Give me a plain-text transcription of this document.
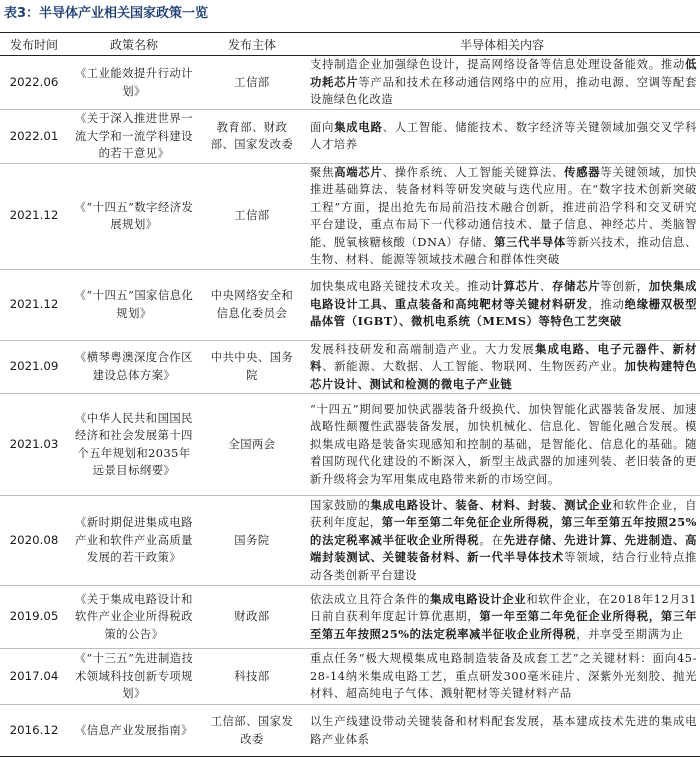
表3：半导体产业相关国家政策一览
发布时间	政策名称	发布主体	半导体相关内容
2022.06	《工业能效提升行动计划》	工信部	支持制造企业加强绿色设计，提高网络设备等信息处理设备能效。推动低功耗芯片等产品和技术在移动通信网络中的应用，推动电源、空调等配套设施绿色化改造
2022.01	《关于深入推进世界一流大学和一流学科建设的若干意见》	教育部、财政部、国家发改委	面向集成电路、人工智能、储能技术、数字经济等关键领域加强交叉学科人才培养
2021.12	《“十四五”数字经济发展规划》	工信部	聚焦高端芯片、操作系统、人工智能关键算法、传感器等关键领域，加快推进基础算法、装备材料等研发突破与迭代应用。在“数字技术创新突破工程”方面，提出抢先布局前沿技术融合创新，推进前沿学科和交叉研究平台建设，重点布局下一代移动通信技术、量子信息、神经芯片、类脑智能、脱氧核糖核酸（DNA）存储、第三代半导体等新兴技术，推动信息、生物、材料、能源等领域技术融合和群体性突破
2021.12	《“十四五”国家信息化规划》	中央网络安全和信息化委员会	加快集成电路关键技术攻关。推动计算芯片、存储芯片等创新，加快集成电路设计工具、重点装备和高纯靶材等关键材料研发，推动绝缘栅双极型晶体管（IGBT）、微机电系统（MEMS）等特色工艺突破
2021.09	《横琴粤澳深度合作区建设总体方案》	中共中央、国务院	发展科技研发和高端制造产业。大力发展集成电路、电子元器件、新材料、新能源、大数据、人工智能、物联网、生物医药产业。加快构建特色芯片设计、测试和检测的微电子产业链
2021.03	《中华人民共和国国民经济和社会发展第十四个五年规划和2035年远景目标纲要》	全国两会	“十四五”期间要加快武器装备升级换代、加快智能化武器装备发展、加速战略性颠覆性武器装备发展，加快机械化、信息化、智能化融合发展。模拟集成电路是装备实现感知和控制的基础，是智能化、信息化的基础。随着国防现代化建设的不断深入，新型主战武器的加速列装、老旧装备的更新升级将会为军用集成电路带来新的市场空间。
2020.08	《新时期促进集成电路产业和软件产业高质量发展的若干政策》	国务院	国家鼓励的集成电路设计、装备、材料、封装、测试企业和软件企业，自获利年度起，第一年至第二年免征企业所得税，第三年至第五年按照25%的法定税率减半征收企业所得税。在先进存储、先进计算、先进制造、高端封装测试、关键装备材料、新一代半导体技术等领域，结合行业特点推动各类创新平台建设
2019.05	《关于集成电路设计和软件产业企业所得税政策的公告》	财政部	依法成立且符合条件的集成电路设计企业和软件企业，在2018年12月31日前自获利年度起计算优惠期，第一年至第二年免征企业所得税，第三年至第五年按照25%的法定税率减半征收企业所得税，并享受至期满为止
2017.04	《“十三五”先进制造技术领域科技创新专项规划》	科技部	重点任务“极大规模集成电路制造装备及成套工艺”之关键材料：面向45-28-14纳米集成电路工艺，重点研发300毫米硅片、深紫外光刻胶、抛光材料、超高纯电子气体、溅射靶材等关键材料产品
2016.12	《信息产业发展指南》	工信部、国家发改委	以生产线建设带动关键装备和材料配套发展，基本建成技术先进的集成电路产业体系
